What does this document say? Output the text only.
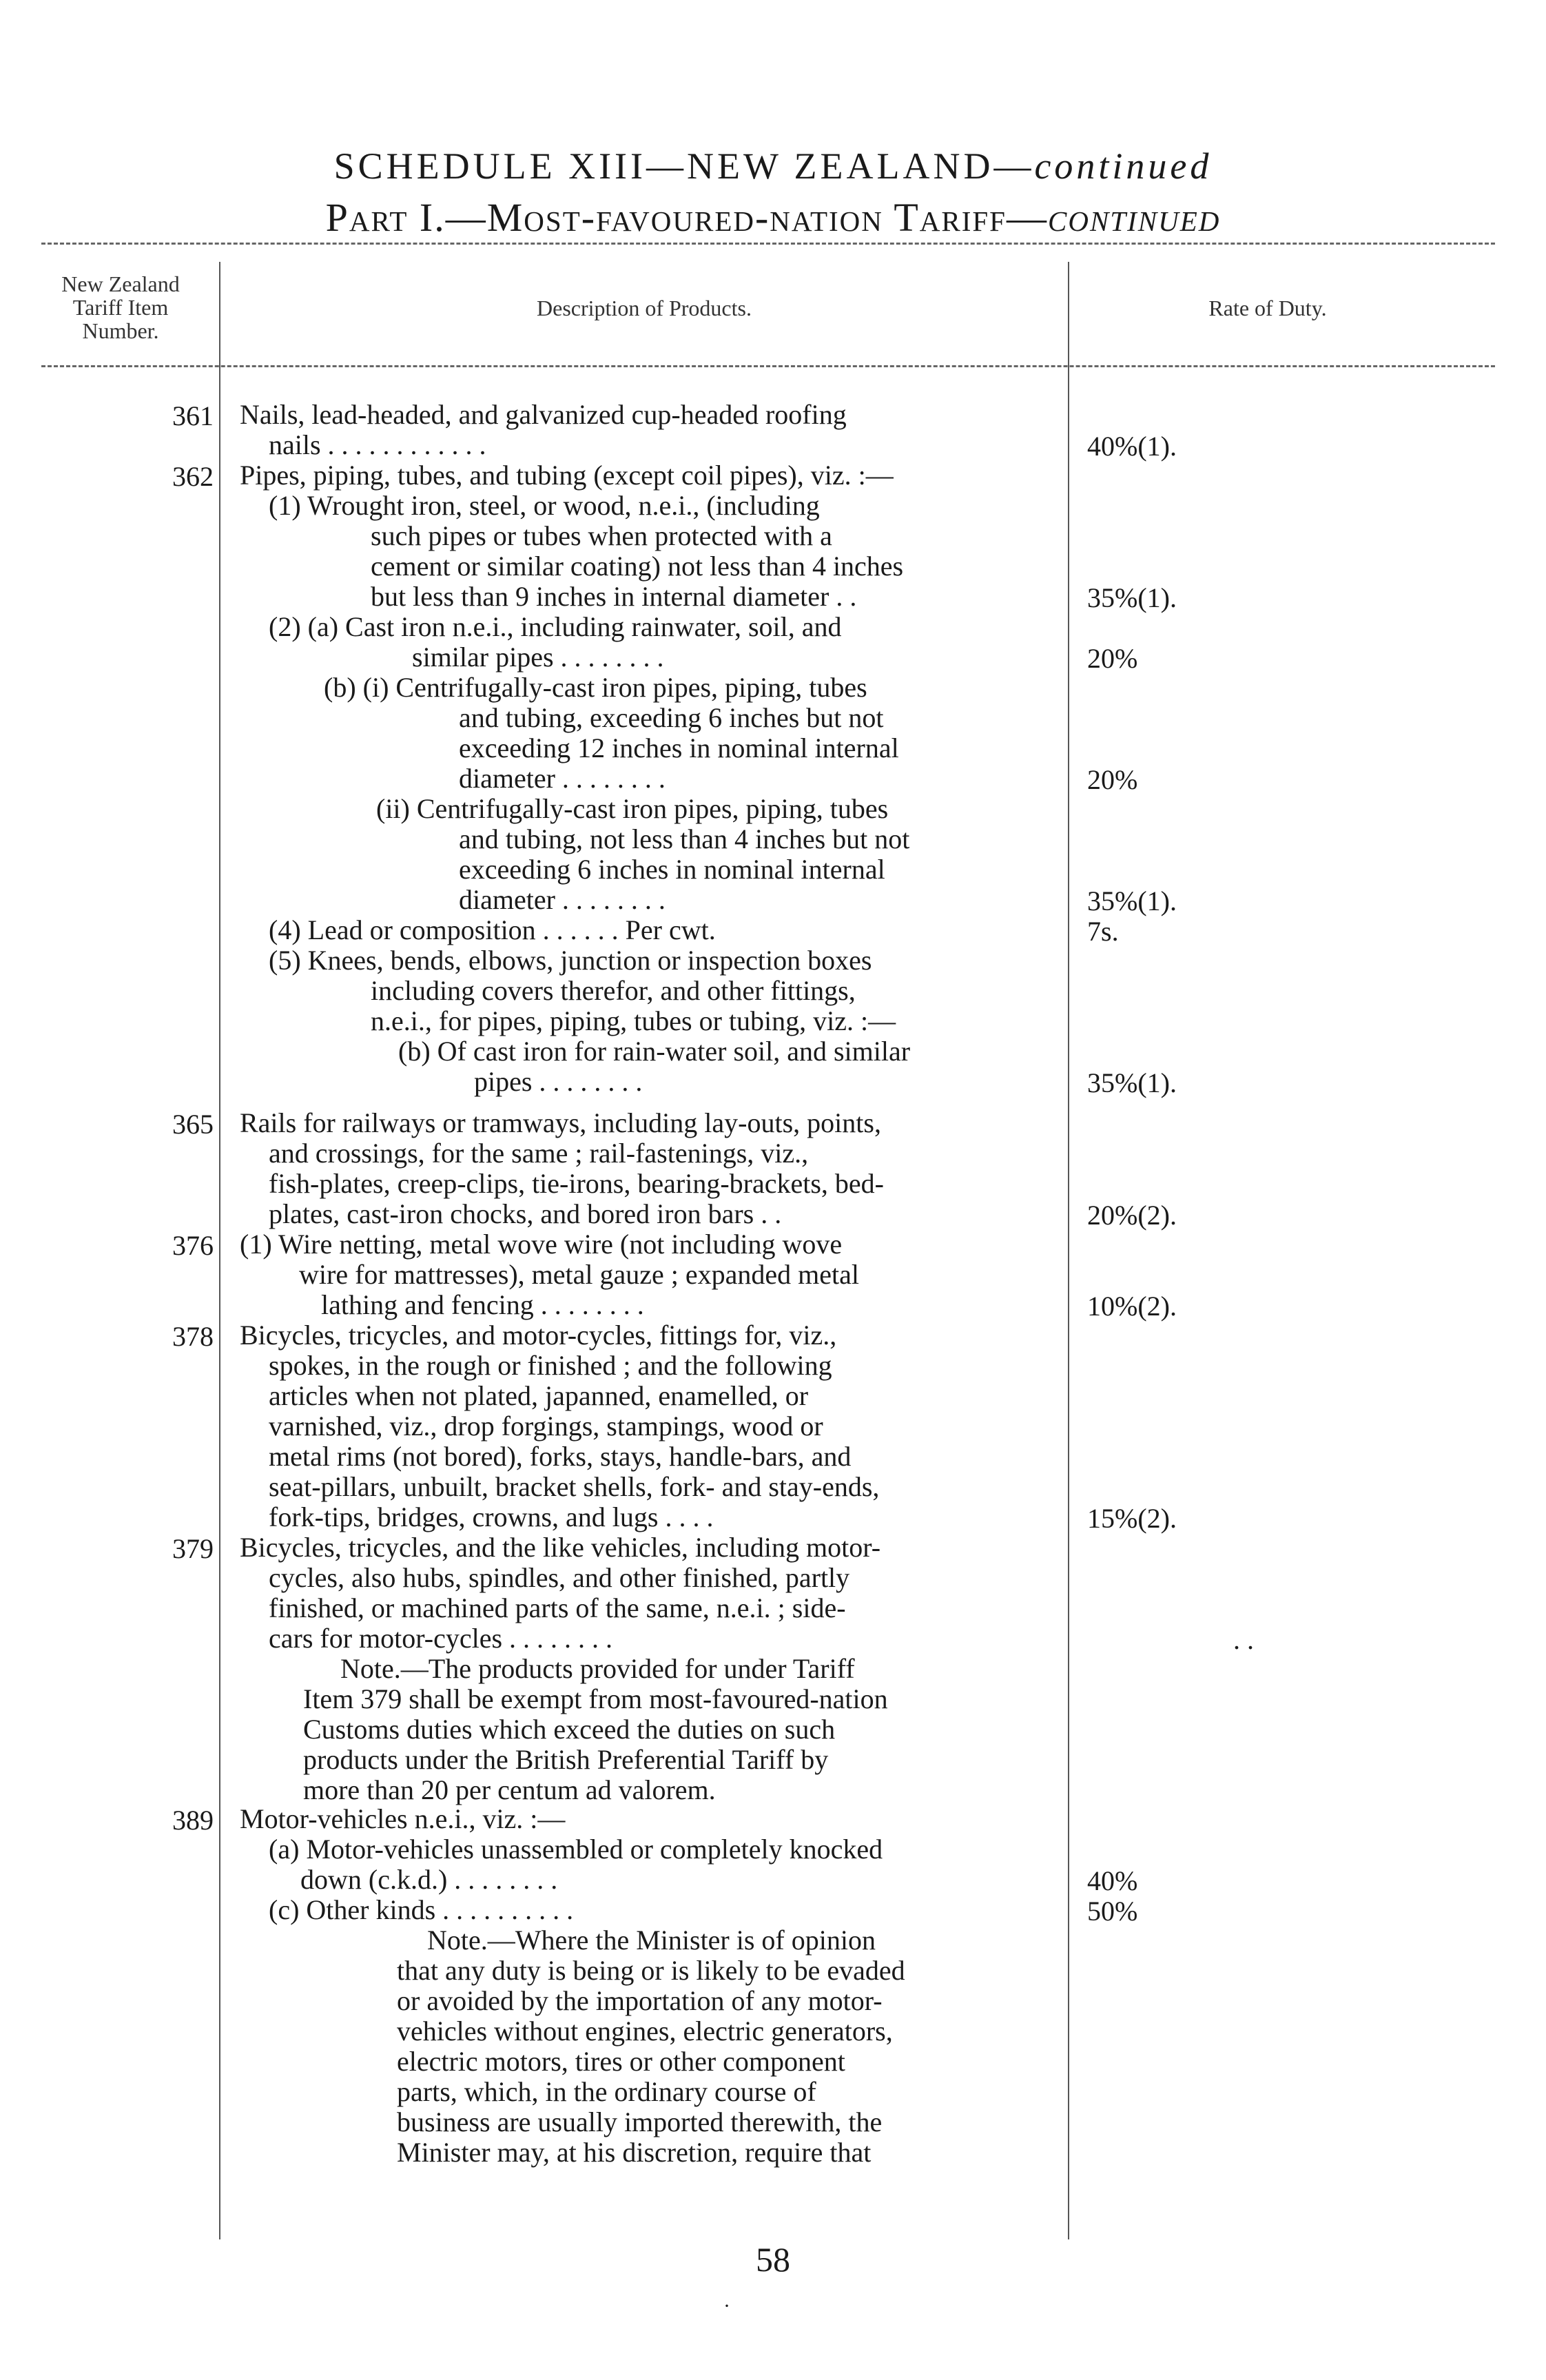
SCHEDULE XIII—NEW ZEALAND—continued
Part I.—Most-favoured-nation Tariff—continued
New Zealand
Tariff Item
Number.
Description of Products.	Rate of Duty.
361
362
365
376
378
379
389
Nails, lead-headed, and galvanized cup-headed roofing
nails . . . . . . . . . . . .
Pipes, piping, tubes, and tubing (except coil pipes), viz. :—
(1) Wrought iron, steel, or wood, n.e.i., (including
such pipes or tubes when protected with a
cement or similar coating) not less than 4 inches
but less than 9 inches in internal diameter . .
(2) (a) Cast iron n.e.i., including rainwater, soil, and
similar pipes . . . . . . . .
(b) (i) Centrifugally-cast iron pipes, piping, tubes
and tubing, exceeding 6 inches but not
exceeding 12 inches in nominal internal
diameter . . . . . . . .
(ii) Centrifugally-cast iron pipes, piping, tubes
and tubing, not less than 4 inches but not
exceeding 6 inches in nominal internal
diameter . . . . . . . .
(4) Lead or composition . . . . . . Per cwt.
(5) Knees, bends, elbows, junction or inspection boxes
including covers therefor, and other fittings,
n.e.i., for pipes, piping, tubes or tubing, viz. :—
(b) Of cast iron for rain-water soil, and similar
pipes . . . . . . . .
Rails for railways or tramways, including lay-outs, points,
and crossings, for the same ; rail-fastenings, viz.,
fish-plates, creep-clips, tie-irons, bearing-brackets, bed-
plates, cast-iron chocks, and bored iron bars . .
(1) Wire netting, metal wove wire (not including wove
wire for mattresses), metal gauze ; expanded metal
lathing and fencing . . . . . . . .
Bicycles, tricycles, and motor-cycles, fittings for, viz.,
spokes, in the rough or finished ; and the following
articles when not plated, japanned, enamelled, or
varnished, viz., drop forgings, stampings, wood or
metal rims (not bored), forks, stays, handle-bars, and
seat-pillars, unbuilt, bracket shells, fork- and stay-ends,
fork-tips, bridges, crowns, and lugs . . . .
Bicycles, tricycles, and the like vehicles, including motor-
cycles, also hubs, spindles, and other finished, partly
finished, or machined parts of the same, n.e.i. ; side-
cars for motor-cycles . . . . . . . .
Note.—The products provided for under Tariff
Item 379 shall be exempt from most-favoured-nation
Customs duties which exceed the duties on such
products under the British Preferential Tariff by
more than 20 per centum ad valorem.
Motor-vehicles n.e.i., viz. :—
(a) Motor-vehicles unassembled or completely knocked
down (c.k.d.) . . . . . . . .
(c) Other kinds . . . . . . . . . .
Note.—Where the Minister is of opinion
that any duty is being or is likely to be evaded
or avoided by the importation of any motor-
vehicles without engines, electric generators,
electric motors, tires or other component
parts, which, in the ordinary course of
business are usually imported therewith, the
Minister may, at his discretion, require that
40%(1).
35%(1).
20%
20%
35%(1).
7s.
35%(1).
20%(2).
10%(2).
15%(2).
. .
40%
50%
58
·
